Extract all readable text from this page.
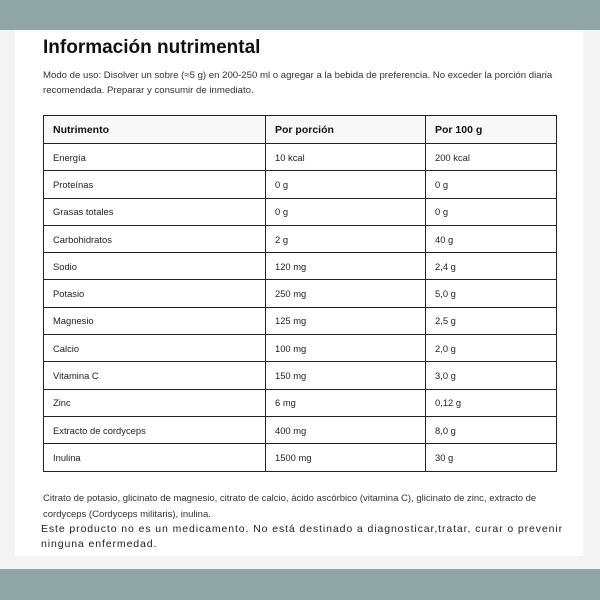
Información nutrimental
Modo de uso: Disolver un sobre (≈5 g) en 200-250 ml o agregar a la bebida de preferencia. No exceder la porción diaria recomendada. Preparar y consumir de inmediato.
Nutrimento	Por porción	Por 100 g
Energía	10 kcal	200 kcal
Proteínas	0 g	0 g
Grasas totales	0 g	0 g
Carbohidratos	2 g	40 g
Sodio	120 mg	2,4 g
Potasio	250 mg	5,0 g
Magnesio	125 mg	2,5 g
Calcio	100 mg	2,0 g
Vitamina C	150 mg	3,0 g
Zinc	6 mg	0,12 g
Extracto de cordyceps	400 mg	8,0 g
Inulina	1500 mg	30 g
Citrato de potasio, glicinato de magnesio, citrato de calcio, ácido ascórbico (vitamina C), glicinato de zinc, extracto de cordyceps (Cordyceps militaris), inulina.
Este producto no es un medicamento. No está destinado a diagnosticar,tratar, curar o prevenir ninguna enfermedad.
